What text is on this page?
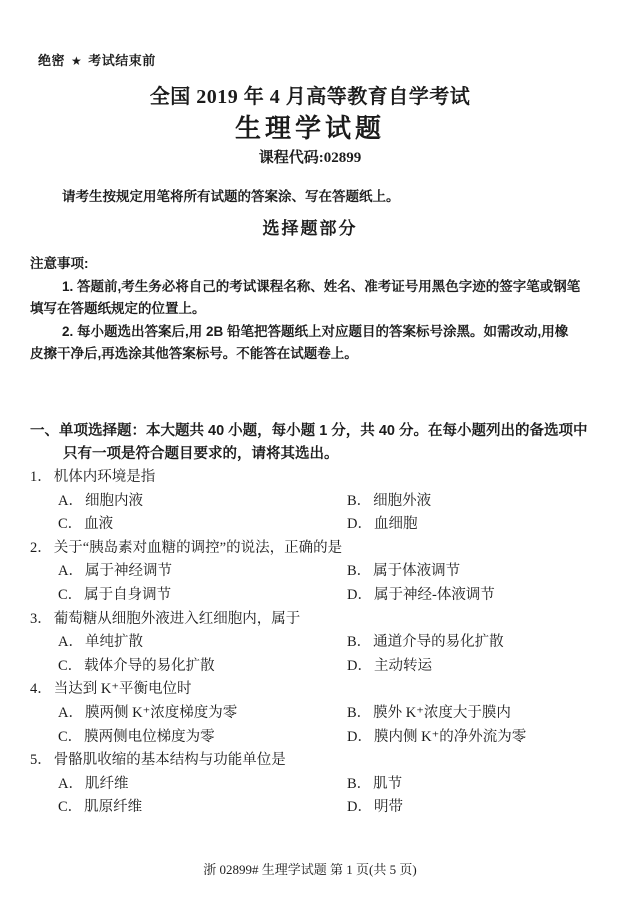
绝密 ★ 考试结束前
全国 2019 年 4 月高等教育自学考试
生理学试题
课程代码:02899
请考生按规定用笔将所有试题的答案涂、写在答题纸上。
选择题部分
注意事项:
1. 答题前,考生务必将自己的考试课程名称、姓名、准考证号用黑色字迹的签字笔或钢笔
填写在答题纸规定的位置上。
2. 每小题选出答案后,用 2B 铅笔把答题纸上对应题目的答案标号涂黑。如需改动,用橡
皮擦干净后,再选涂其他答案标号。不能答在试题卷上。
一、单项选择题：本大题共 40 小题，每小题 1 分，共 40 分。在每小题列出的备选项中
只有一项是符合题目要求的，请将其选出。
1． 机体内环境是指
A． 细胞内液	B． 细胞外液
C． 血液	D． 血细胞
2． 关于“胰岛素对血糖的调控”的说法，正确的是
A． 属于神经调节	B． 属于体液调节
C． 属于自身调节	D． 属于神经-体液调节
3． 葡萄糖从细胞外液进入红细胞内，属于
A． 单纯扩散	B． 通道介导的易化扩散
C． 载体介导的易化扩散	D． 主动转运
4． 当达到 K⁺平衡电位时
A． 膜两侧 K⁺浓度梯度为零	B． 膜外 K⁺浓度大于膜内
C． 膜两侧电位梯度为零	D． 膜内侧 K⁺的净外流为零
5． 骨骼肌收缩的基本结构与功能单位是
A． 肌纤维	B． 肌节
C． 肌原纤维	D． 明带
浙 02899# 生理学试题 第 1 页(共 5 页)
